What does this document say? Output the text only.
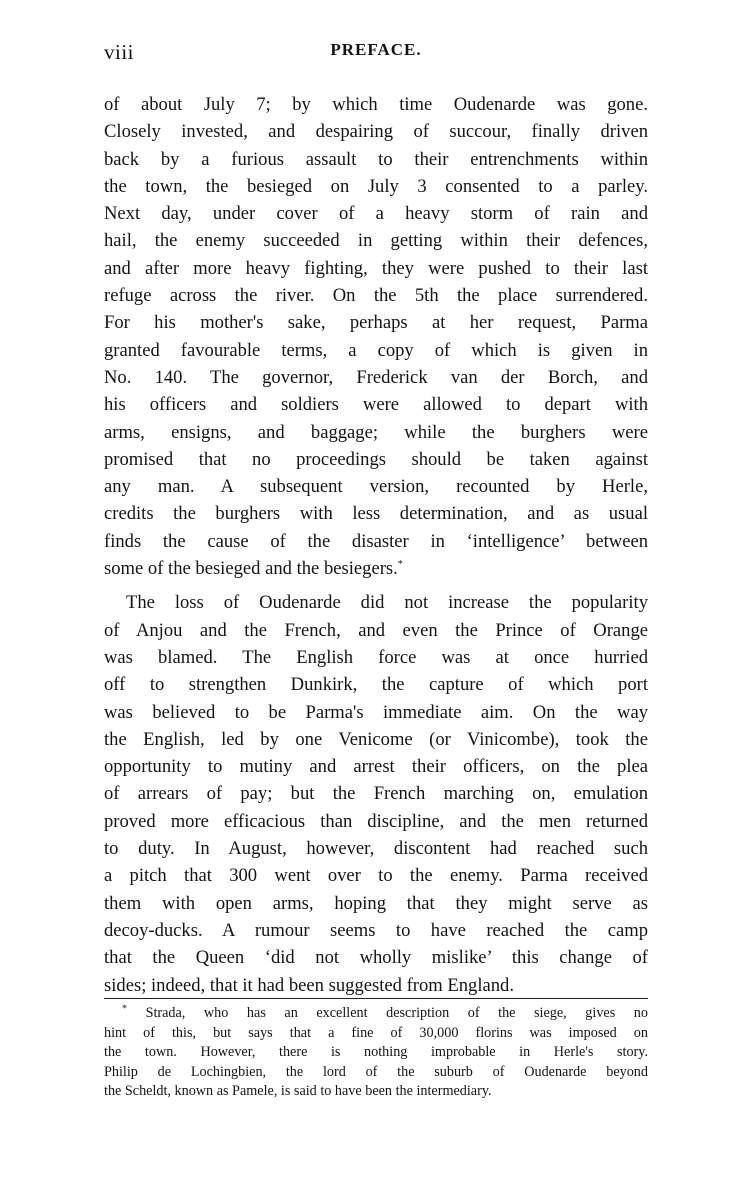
viii	PREFACE.
of about July 7; by which time Oudenarde was gone.
Closely invested, and despairing of succour, finally driven
back by a furious assault to their entrenchments within
the town, the besieged on July 3 consented to a parley.
Next day, under cover of a heavy storm of rain and
hail, the enemy succeeded in getting within their defences,
and after more heavy fighting, they were pushed to their last
refuge across the river. On the 5th the place surrendered.
For his mother's sake, perhaps at her request, Parma
granted favourable terms, a copy of which is given in
No. 140. The governor, Frederick van der Borch, and
his officers and soldiers were allowed to depart with
arms, ensigns, and baggage; while the burghers were
promised that no proceedings should be taken against
any man. A subsequent version, recounted by Herle,
credits the burghers with less determination, and as usual
finds the cause of the disaster in ‘intelligence’ between
some of the besieged and the besiegers.*
The loss of Oudenarde did not increase the popularity
of Anjou and the French, and even the Prince of Orange
was blamed. The English force was at once hurried
off to strengthen Dunkirk, the capture of which port
was believed to be Parma's immediate aim. On the way
the English, led by one Venicome (or Vinicombe), took the
opportunity to mutiny and arrest their officers, on the plea
of arrears of pay; but the French marching on, emulation
proved more efficacious than discipline, and the men returned
to duty. In August, however, discontent had reached such
a pitch that 300 went over to the enemy. Parma received
them with open arms, hoping that they might serve as
decoy-ducks. A rumour seems to have reached the camp
that the Queen ‘did not wholly mislike’ this change of
sides; indeed, that it had been suggested from England.
* Strada, who has an excellent description of the siege, gives no
hint of this, but says that a fine of 30,000 florins was imposed on
the town. However, there is nothing improbable in Herle's story.
Philip de Lochingbien, the lord of the suburb of Oudenarde beyond
the Scheldt, known as Pamele, is said to have been the intermediary.
